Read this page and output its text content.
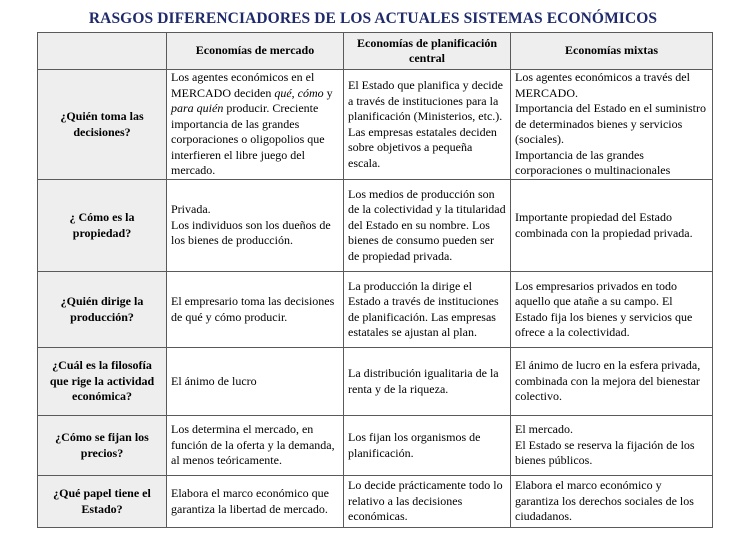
RASGOS DIFERENCIADORES DE LOS ACTUALES SISTEMAS ECONÓMICOS
	Economías de mercado	Economías de planificación central	Economías mixtas
¿Quién toma las decisiones?	Los agentes económicos en el MERCADO deciden qué, cómo y para quién producir. Creciente importancia de las grandes corporaciones o oligopolios que interfieren el libre juego del mercado.	El Estado que planifica y decide a través de instituciones para la planificación (Ministerios, etc.). Las empresas estatales deciden sobre objetivos a pequeña escala.	Los agentes económicos a través del MERCADO.
Importancia del Estado en el suministro de determinados bienes y servicios (sociales).
Importancia de las grandes corporaciones o multinacionales

¿ Cómo es la propiedad?	Privada.
Los individuos son los dueños de los bienes de producción.	Los medios de producción son de la colectividad y la titularidad del Estado en su nombre. Los bienes de consumo pueden ser de propiedad privada.	Importante propiedad del Estado combinada con la propiedad privada.

¿Quién dirige la producción?	El empresario toma las decisiones de qué y cómo producir.	La producción la dirige el Estado a través de instituciones de planificación. Las empresas estatales se ajustan al plan.	Los empresarios privados en todo aquello que atañe a su campo. El Estado fija los bienes y servicios que ofrece a la colectividad.

¿Cuál es la filosofía que rige la actividad económica?	El ánimo de lucro	La distribución igualitaria de la renta y de la riqueza.	El ánimo de lucro en la esfera privada, combinada con la mejora del bienestar colectivo.

¿Cómo se fijan los precios?	Los determina el mercado, en función de la oferta y la demanda, al menos teóricamente.	Los fijan los organismos de planificación.	El mercado.
El Estado se reserva la fijación de los bienes públicos.

¿Qué papel tiene el Estado?	Elabora el marco económico que garantiza la libertad de mercado.	Lo decide prácticamente todo lo relativo a las decisiones económicas.	Elabora el marco económico y garantiza los derechos sociales de los ciudadanos.
